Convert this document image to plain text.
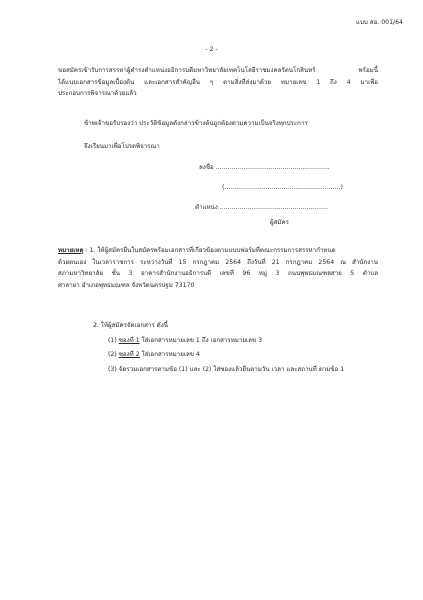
แบบ สอ. 001/64
- 2 -
ขอสมัครเข้ารับการสรรหาผู้ดำรงตำแหน่งอธิการบดีมหาวิทยาลัยเทคโนโลยีราชมงคลรัตนโกสินทร์ พร้อมนี้
ได้แนบเอกสารข้อมูลเบื้องต้น และเอกสารสำคัญอื่น ๆ ตามสิ่งที่ส่งมาด้วย หมายเลข 1 ถึง 4 มาเพื่อ
ประกอบการพิจารณาด้วยแล้ว
ข้าพเจ้าขอรับรองว่า ประวัติข้อมูลดังกล่าวข้างต้นถูกต้องตามความเป็นจริงทุกประการ
จึงเรียนมาเพื่อโปรดพิจารณา
ลงชื่อ ..........................................................
(...........................................................)
ตำแหน่ง .......................................................
ผู้สมัคร
หมายเหตุ : 1. ให้ผู้สมัครยื่นใบสมัครพร้อมเอกสารที่เกี่ยวข้องตามแบบฟอร์มที่คณะกรรมการสรรหากำหนด
ด้วยตนเอง ในเวลาราชการ ระหว่างวันที่ 15 กรกฎาคม 2564 ถึงวันที่ 21 กรกฎาคม 2564 ณ สำนักงาน
สภามหาวิทยาลัย ชั้น 3 อาคารสำนักงานอธิการบดี เลขที่ 96 หมู่ 3 ถนนพุทธมณฑลสาย 5 ตำบล
ศาลายา อำเภอพุทธมณฑล จังหวัดนครปฐม 73170
2. ให้ผู้สมัครจัดเอกสาร ดังนี้
(1) ซองที่ 1 ใส่เอกสารหมายเลข 1 ถึง เอกสารหมายเลข 3
(2) ซองที่ 2 ใส่เอกสารหมายเลข 4
(3) จัดรวมเอกสารตามข้อ (1) และ (2) ใส่ซองแล้วยื่นตามวัน เวลา และสถานที่ ตามข้อ 1
